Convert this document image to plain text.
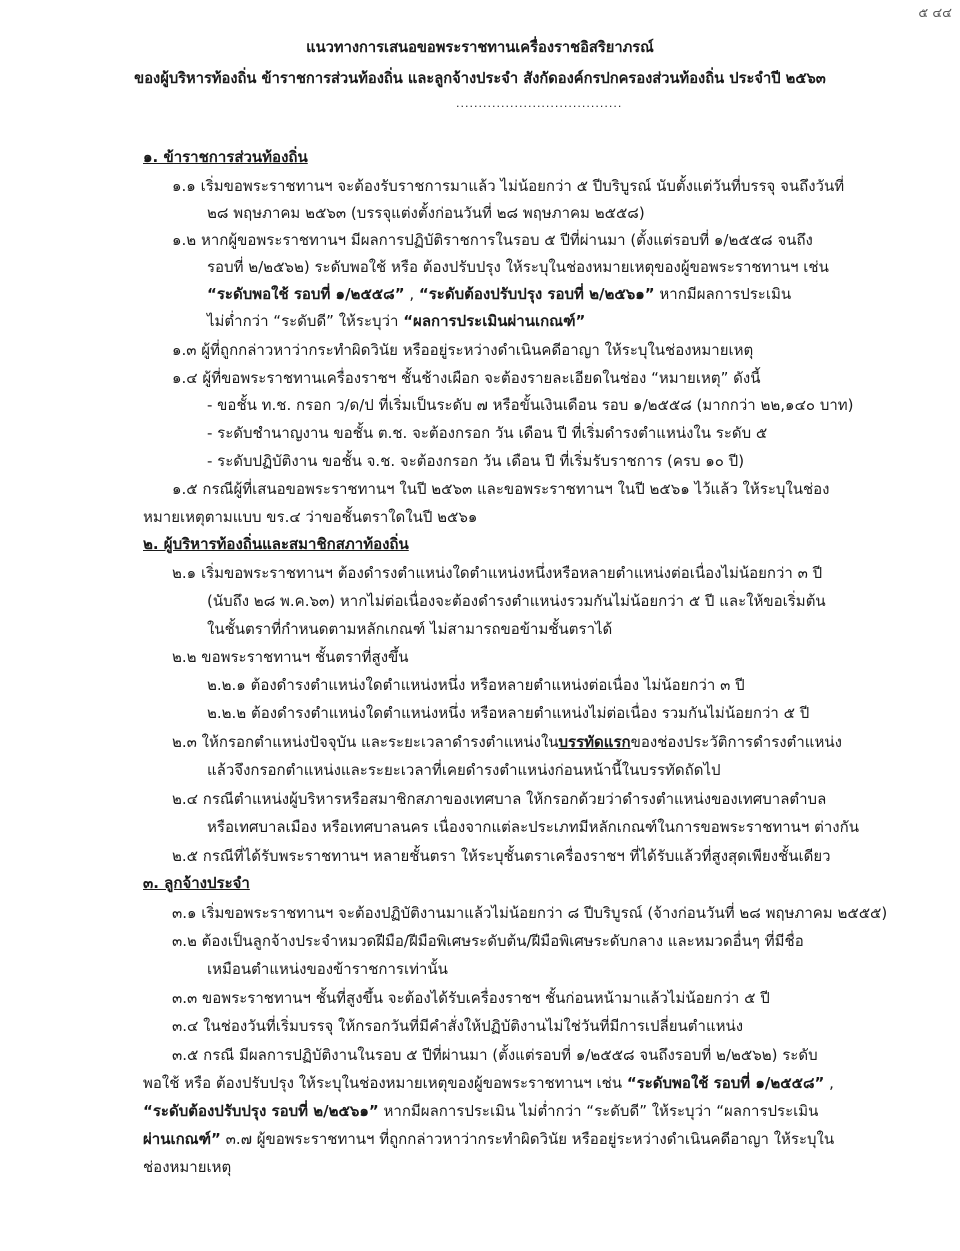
๕ ๔๔
แนวทางการเสนอขอพระราชทานเครื่องราชอิสริยาภรณ์
ของผู้บริหารท้องถิ่น ข้าราชการส่วนท้องถิ่น และลูกจ้างประจำ สังกัดองค์กรปกครองส่วนท้องถิ่น ประจำปี ๒๕๖๓
.....................................
๑. ข้าราชการส่วนท้องถิ่น
๑.๑ เริ่มขอพระราชทานฯ จะต้องรับราชการมาแล้ว ไม่น้อยกว่า ๕ ปีบริบูรณ์ นับตั้งแต่วันที่บรรจุ จนถึงวันที่
๒๘ พฤษภาคม ๒๕๖๓ (บรรจุแต่งตั้งก่อนวันที่ ๒๘ พฤษภาคม ๒๕๕๘)
๑.๒ หากผู้ขอพระราชทานฯ มีผลการปฏิบัติราชการในรอบ ๕ ปีที่ผ่านมา (ตั้งแต่รอบที่ ๑/๒๕๕๘ จนถึง
รอบที่ ๒/๒๕๖๒) ระดับพอใช้ หรือ ต้องปรับปรุง ให้ระบุในช่องหมายเหตุของผู้ขอพระราชทานฯ เช่น
“ระดับพอใช้ รอบที่ ๑/๒๕๕๘” , “ระดับต้องปรับปรุง รอบที่ ๒/๒๕๖๑” หากมีผลการประเมิน
ไม่ต่ำกว่า “ระดับดี” ให้ระบุว่า “ผลการประเมินผ่านเกณฑ์”
๑.๓ ผู้ที่ถูกกล่าวหาว่ากระทำผิดวินัย หรืออยู่ระหว่างดำเนินคดีอาญา ให้ระบุในช่องหมายเหตุ
๑.๔ ผู้ที่ขอพระราชทานเครื่องราชฯ ชั้นช้างเผือก จะต้องรายละเอียดในช่อง “หมายเหตุ” ดังนี้
- ขอชั้น ท.ช. กรอก ว/ด/ป ที่เริ่มเป็นระดับ ๗ หรือขั้นเงินเดือน รอบ ๑/๒๕๕๘ (มากกว่า ๒๒,๑๔๐ บาท)
- ระดับชำนาญงาน ขอชั้น ต.ช. จะต้องกรอก วัน เดือน ปี ที่เริ่มดำรงตำแหน่งใน ระดับ ๕
- ระดับปฏิบัติงาน ขอชั้น จ.ช. จะต้องกรอก วัน เดือน ปี ที่เริ่มรับราชการ (ครบ ๑๐ ปี)
๑.๕ กรณีผู้ที่เสนอขอพระราชทานฯ ในปี ๒๕๖๓ และขอพระราชทานฯ ในปี ๒๕๖๑ ไว้แล้ว ให้ระบุในช่อง
หมายเหตุตามแบบ ขร.๔ ว่าขอชั้นตราใดในปี ๒๕๖๑
๒. ผู้บริหารท้องถิ่นและสมาชิกสภาท้องถิ่น
๒.๑ เริ่มขอพระราชทานฯ ต้องดำรงตำแหน่งใดตำแหน่งหนึ่งหรือหลายตำแหน่งต่อเนื่องไม่น้อยกว่า ๓ ปี
(นับถึง ๒๘ พ.ค.๖๓) หากไม่ต่อเนื่องจะต้องดำรงตำแหน่งรวมกันไม่น้อยกว่า ๕ ปี และให้ขอเริ่มต้น
ในชั้นตราที่กำหนดตามหลักเกณฑ์ ไม่สามารถขอข้ามชั้นตราได้
๒.๒ ขอพระราชทานฯ ชั้นตราที่สูงขึ้น
๒.๒.๑ ต้องดำรงตำแหน่งใดตำแหน่งหนึ่ง หรือหลายตำแหน่งต่อเนื่อง ไม่น้อยกว่า ๓ ปี
๒.๒.๒ ต้องดำรงตำแหน่งใดตำแหน่งหนึ่ง หรือหลายตำแหน่งไม่ต่อเนื่อง รวมกันไม่น้อยกว่า ๕ ปี
๒.๓ ให้กรอกตำแหน่งปัจจุบัน และระยะเวลาดำรงตำแหน่งในบรรทัดแรกของช่องประวัติการดำรงตำแหน่ง
แล้วจึงกรอกตำแหน่งและระยะเวลาที่เคยดำรงตำแหน่งก่อนหน้านี้ในบรรทัดถัดไป
๒.๔ กรณีตำแหน่งผู้บริหารหรือสมาชิกสภาของเทศบาล ให้กรอกด้วยว่าดำรงตำแหน่งของเทศบาลตำบล
หรือเทศบาลเมือง หรือเทศบาลนคร เนื่องจากแต่ละประเภทมีหลักเกณฑ์ในการขอพระราชทานฯ ต่างกัน
๒.๕ กรณีที่ได้รับพระราชทานฯ หลายชั้นตรา ให้ระบุชั้นตราเครื่องราชฯ ที่ได้รับแล้วที่สูงสุดเพียงชั้นเดียว
๓. ลูกจ้างประจำ
๓.๑ เริ่มขอพระราชทานฯ จะต้องปฏิบัติงานมาแล้วไม่น้อยกว่า ๘ ปีบริบูรณ์ (จ้างก่อนวันที่ ๒๘ พฤษภาคม ๒๕๕๕)
๓.๒ ต้องเป็นลูกจ้างประจำหมวดฝีมือ/ฝีมือพิเศษระดับต้น/ฝีมือพิเศษระดับกลาง และหมวดอื่นๆ ที่มีชื่อ
เหมือนตำแหน่งของข้าราชการเท่านั้น
๓.๓ ขอพระราชทานฯ ชั้นที่สูงขึ้น จะต้องได้รับเครื่องราชฯ ชั้นก่อนหน้ามาแล้วไม่น้อยกว่า ๕ ปี
๓.๔ ในช่องวันที่เริ่มบรรจุ ให้กรอกวันที่มีคำสั่งให้ปฏิบัติงานไม่ใช่วันที่มีการเปลี่ยนตำแหน่ง
๓.๕ กรณี มีผลการปฏิบัติงานในรอบ ๕ ปีที่ผ่านมา (ตั้งแต่รอบที่ ๑/๒๕๕๘ จนถึงรอบที่ ๒/๒๕๖๒) ระดับ
พอใช้ หรือ ต้องปรับปรุง ให้ระบุในช่องหมายเหตุของผู้ขอพระราชทานฯ เช่น “ระดับพอใช้ รอบที่ ๑/๒๕๕๘” ,
“ระดับต้องปรับปรุง รอบที่ ๒/๒๕๖๑” หากมีผลการประเมิน ไม่ต่ำกว่า “ระดับดี” ให้ระบุว่า “ผลการประเมิน
ผ่านเกณฑ์” ๓.๗ ผู้ขอพระราชทานฯ ที่ถูกกล่าวหาว่ากระทำผิดวินัย หรืออยู่ระหว่างดำเนินคดีอาญา ให้ระบุใน
ช่องหมายเหตุ
